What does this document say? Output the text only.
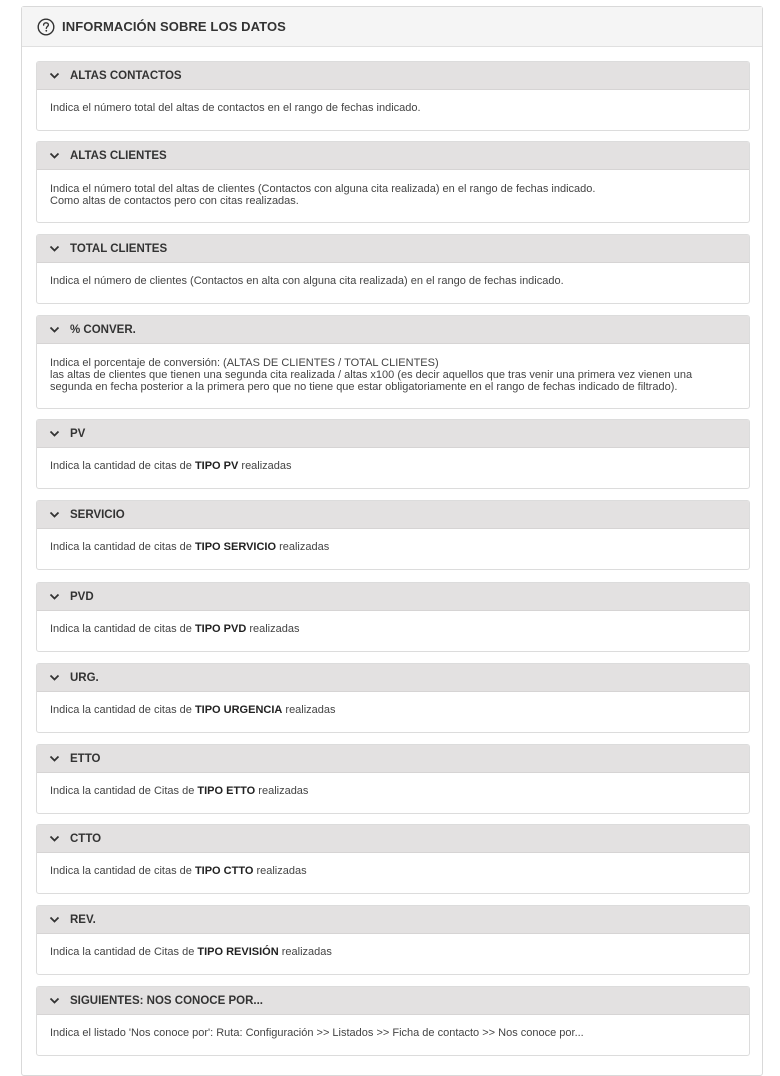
INFORMACIÓN SOBRE LOS DATOS
ALTAS CONTACTOS
Indica el número total del altas de contactos en el rango de fechas indicado.
ALTAS CLIENTES
Indica el número total del altas de clientes (Contactos con alguna cita realizada) en el rango de fechas indicado.
Como altas de contactos pero con citas realizadas.
TOTAL CLIENTES
Indica el número de clientes (Contactos en alta con alguna cita realizada) en el rango de fechas indicado.
% CONVER.
Indica el porcentaje de conversión: (ALTAS DE CLIENTES / TOTAL CLIENTES)
las altas de clientes que tienen una segunda cita realizada / altas x100 (es decir aquellos que tras venir una primera vez vienen una
segunda en fecha posterior a la primera pero que no tiene que estar obligatoriamente en el rango de fechas indicado de filtrado).
PV
Indica la cantidad de citas de TIPO PV realizadas
SERVICIO
Indica la cantidad de citas de TIPO SERVICIO realizadas
PVD
Indica la cantidad de citas de TIPO PVD realizadas
URG.
Indica la cantidad de citas de TIPO URGENCIA realizadas
ETTO
Indica la cantidad de Citas de TIPO ETTO realizadas
CTTO
Indica la cantidad de citas de TIPO CTTO realizadas
REV.
Indica la cantidad de Citas de TIPO REVISIÓN realizadas
SIGUIENTES: NOS CONOCE POR...
Indica el listado 'Nos conoce por': Ruta: Configuración >> Listados >> Ficha de contacto >> Nos conoce por...
